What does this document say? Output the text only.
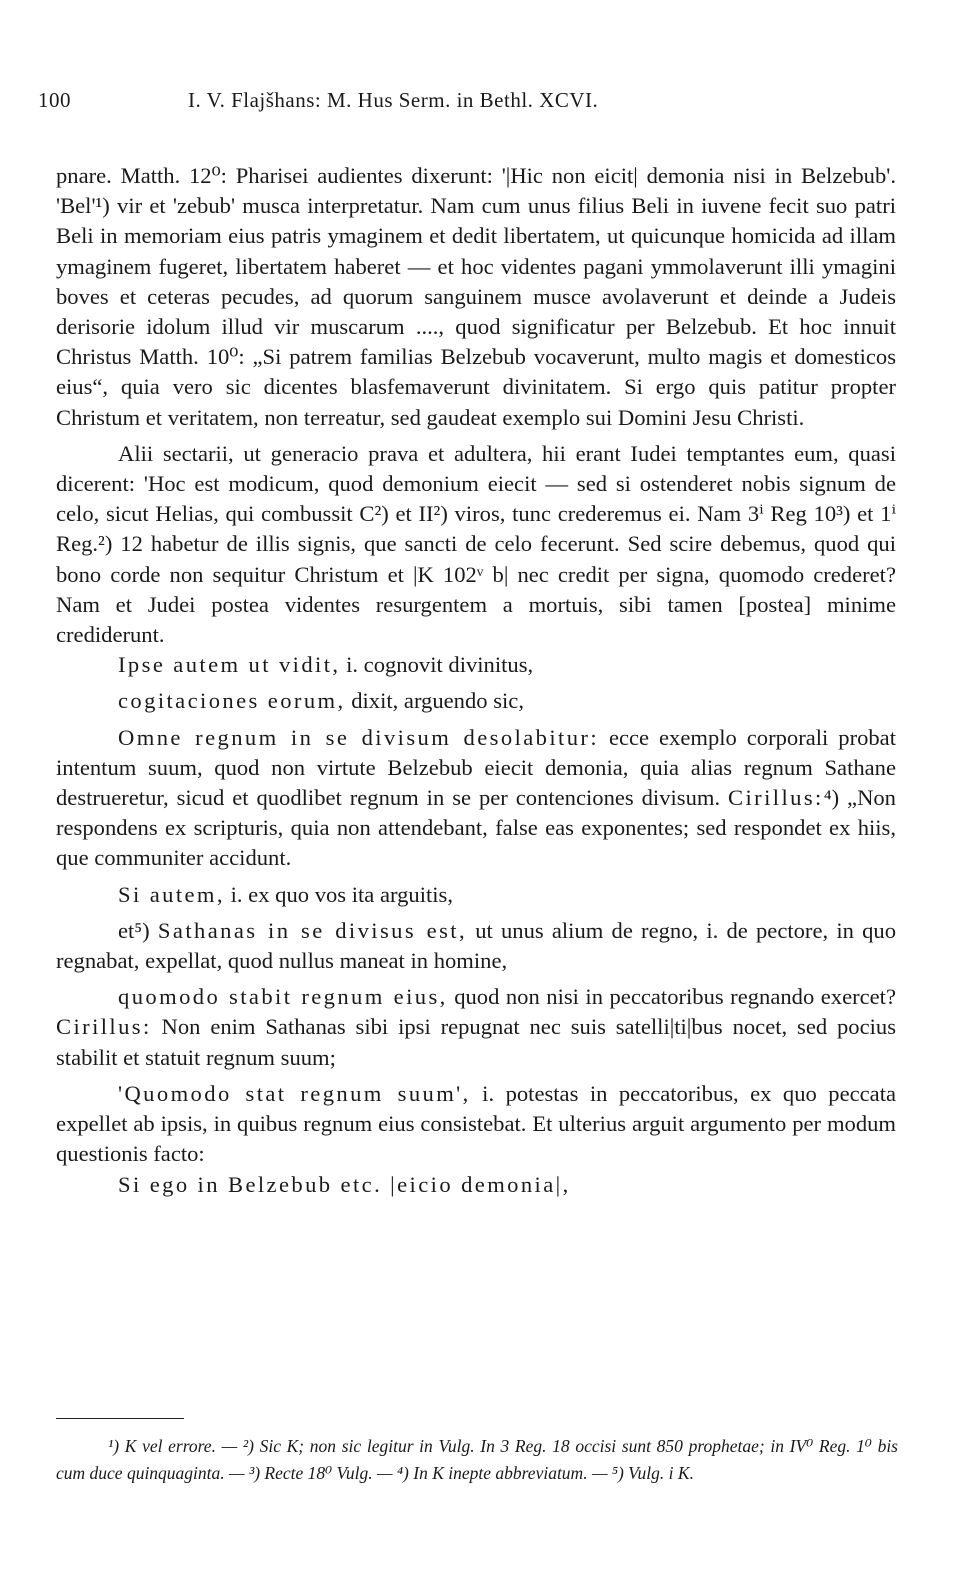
100	I. V. Flajšhans: M. Hus Serm. in Bethl. XCVI.

pnare. Matth. 12⁰: Pharisei audientes dixerunt: '|Hic non eicit| demonia nisi in Belzebub'. 'Bel'¹) vir et 'zebub' musca interpretatur. Nam cum unus filius Beli in iuvene fecit suo patri Beli in memoriam eius patris ymaginem et dedit libertatem, ut quicunque homicida ad illam ymaginem fugeret, libertatem haberet — et hoc videntes pagani ymmolaverunt illi ymagini boves et ceteras pecudes, ad quorum sanguinem musce avolaverunt et deinde a Judeis derisorie idolum illud vir muscarum ...., quod significatur per Belzebub. Et hoc innuit Christus Matth. 10⁰: „Si patrem familias Belzebub vocaverunt, multo magis et domesticos eius“, quia vero sic dicentes blasfemaverunt divinitatem. Si ergo quis patitur propter Christum et veritatem, non terreatur, sed gaudeat exemplo sui Domini Jesu Christi.

Alii sectarii, ut generacio prava et adultera, hii erant Iudei temptantes eum, quasi dicerent: 'Hoc est modicum, quod demonium eiecit — sed si ostenderet nobis signum de celo, sicut Helias, qui combussit C²) et II²) viros, tunc crederemus ei. Nam 3ⁱ Reg 10³) et 1ⁱ Reg.²) 12 habetur de illis signis, que sancti de celo fecerunt. Sed scire debemus, quod qui bono corde non sequitur Christum et |K 102ᵛ b| nec credit per signa, quomodo crederet? Nam et Judei postea videntes resurgentem a mortuis, sibi tamen [postea] minime crediderunt.

Ipse autem ut vidit, i. cognovit divinitus,

cogitaciones eorum, dixit, arguendo sic,

Omne regnum in se divisum desolabitur: ecce exemplo corporali probat intentum suum, quod non virtute Belzebub eiecit demonia, quia alias regnum Sathane destrueretur, sicud et quodlibet regnum in se per contenciones divisum. Cirillus:⁴) „Non respondens ex scripturis, quia non attendebant, false eas exponentes; sed respondet ex hiis, que communiter accidunt.

Si autem, i. ex quo vos ita arguitis,

et⁵) Sathanas in se divisus est, ut unus alium de regno, i. de pectore, in quo regnabat, expellat, quod nullus maneat in homine,

quomodo stabit regnum eius, quod non nisi in peccatoribus regnando exercet? Cirillus: Non enim Sathanas sibi ipsi repugnat nec suis satelli|ti|bus nocet, sed pocius stabilit et statuit regnum suum;

'Quomodo stat regnum suum', i. potestas in peccatoribus, ex quo peccata expellet ab ipsis, in quibus regnum eius consistebat. Et ulterius arguit argumento per modum questionis facto:

Si ego in Belzebub etc. |eicio demonia|,

¹) K vel errore. — ²) Sic K; non sic legitur in Vulg. In 3 Reg. 18 occisi sunt 850 prophetae; in IV⁰ Reg. 1⁰ bis cum duce quinquaginta. — ³) Recte 18⁰ Vulg. — ⁴) In K inepte abbreviatum. — ⁵) Vulg. i K.
